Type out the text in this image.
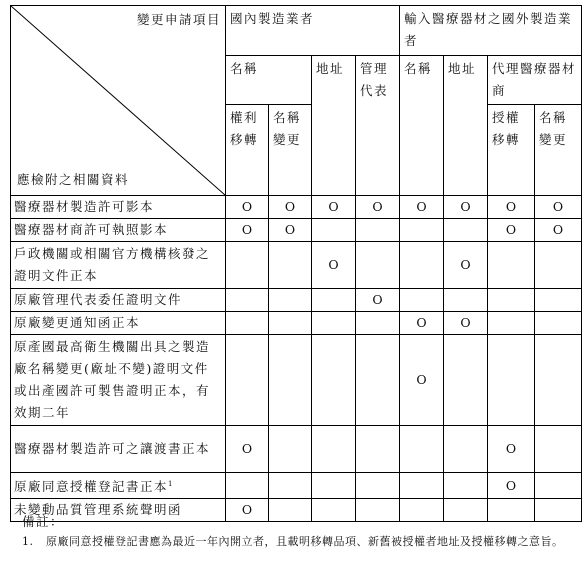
變更申請項目
應檢附之相關資料	國內製造業者				輸入醫療器材之國外製造業者			
	名稱		地址	管理代表	名稱	地址	代理醫療器材商	
	權利移轉	名稱變更					授權移轉	名稱變更
醫療器材製造許可影本	O	O	O	O	O	O	O	O
醫療器材商許可執照影本	O	O					O	O
戶政機關或相關官方機構核發之證明文件正本			O			O		
原廠管理代表委任證明文件				O				
原廠變更通知函正本					O	O		
原產國最高衛生機關出具之製造廠名稱變更(廠址不變)證明文件或出產國許可製售證明正本，有效期二年					O			
醫療器材製造許可之讓渡書正本	O						O	
原廠同意授權登記書正本$^1$							O	
未變動品質管理系統聲明函	O							
備註：
1.	原廠同意授權登記書應為最近一年內開立者，且載明移轉品項、新舊被授權者地址及授權移轉之意旨。
